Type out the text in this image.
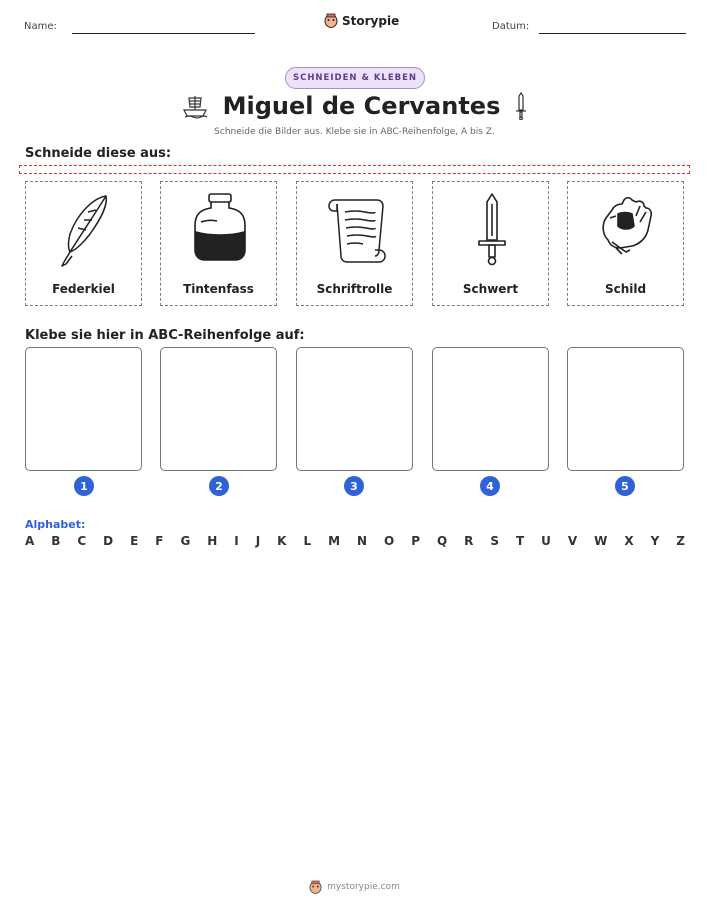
Name:	Storypie	Datum:
SCHNEIDEN & KLEBEN
Miguel de Cervantes
Schneide die Bilder aus. Klebe sie in ABC-Reihenfolge, A bis Z.
Schneide diese aus:
Federkiel	Tintenfass	Schriftrolle	Schwert	Schild
Klebe sie hier in ABC-Reihenfolge auf:
1	2	3	4	5
Alphabet:
A B C D E F G H I J K L M N O P Q R S T U V W X Y Z
mystorypie.com
